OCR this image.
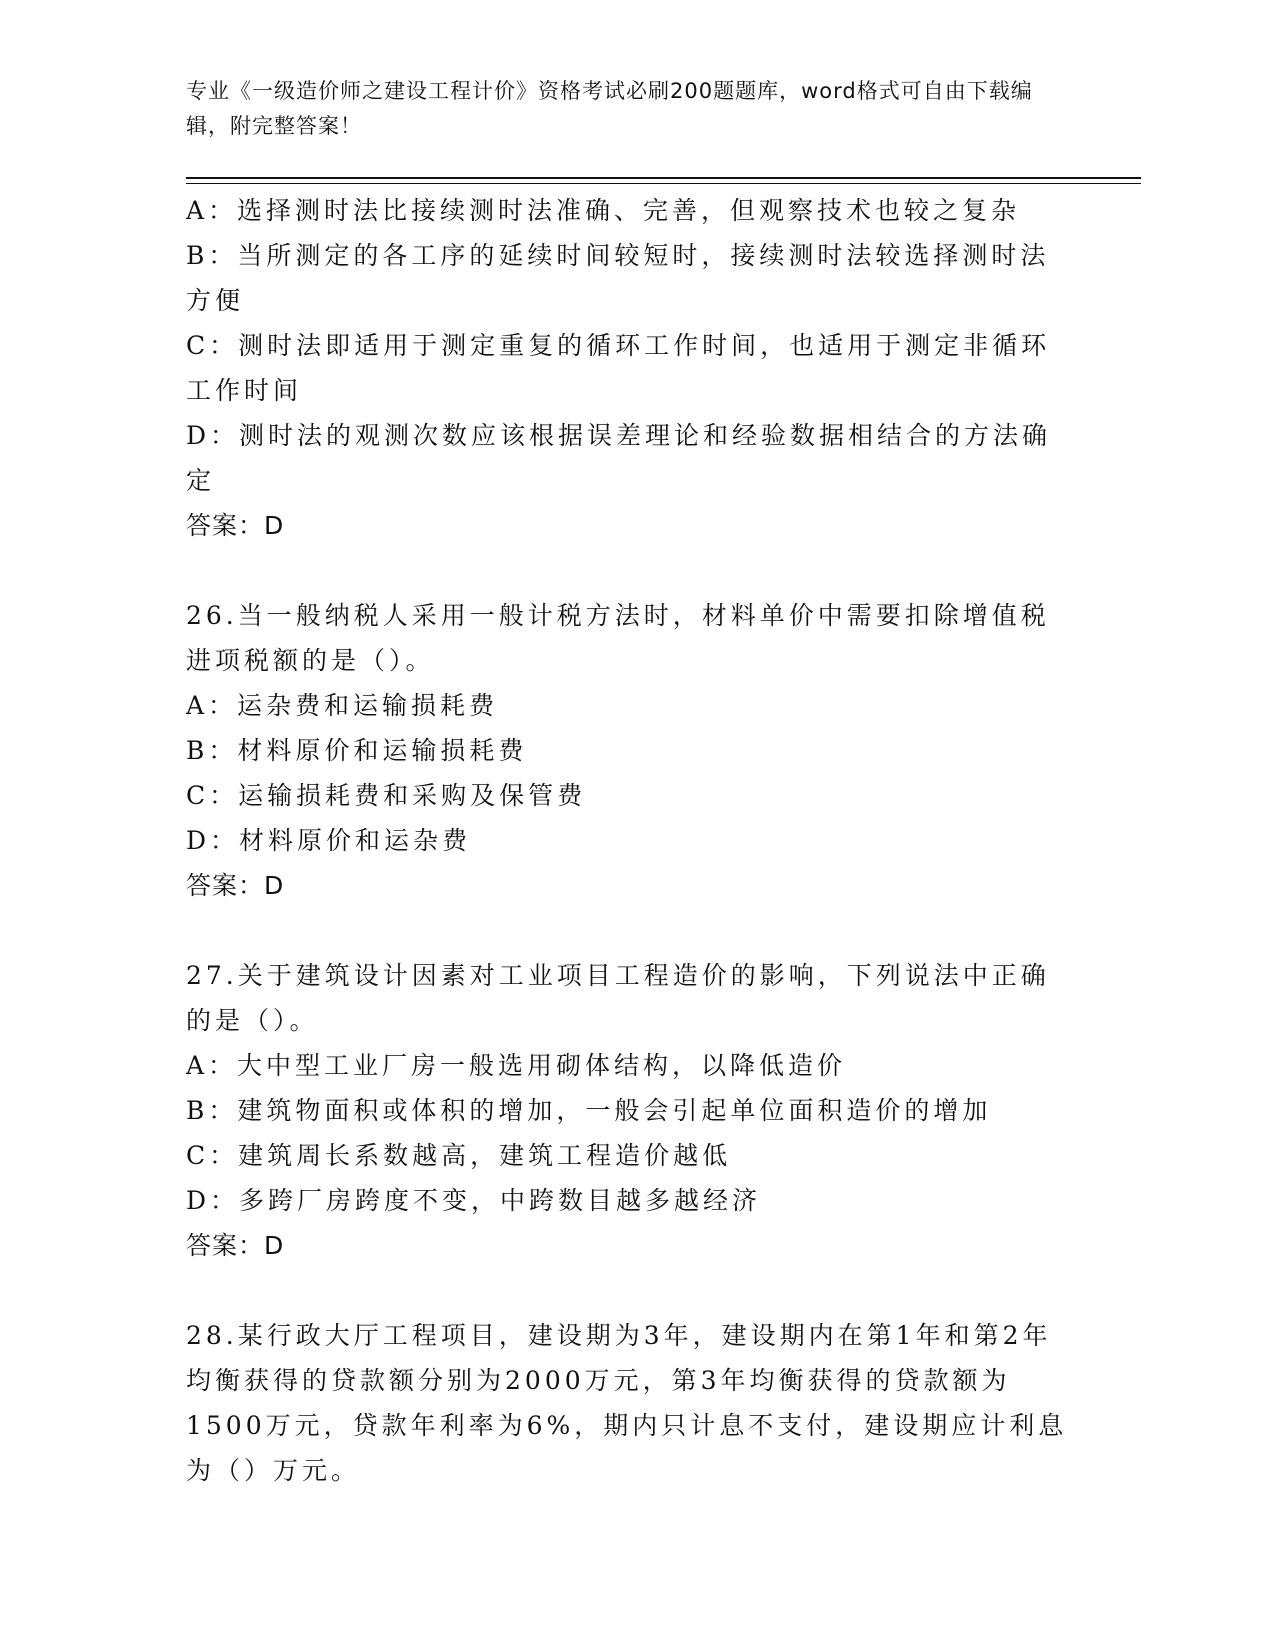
专业《一级造价师之建设工程计价》资格考试必刷200题题库，word格式可自由下载编辑，附完整答案！

A：选择测时法比接续测时法准确、完善，但观察技术也较之复杂

B：当所测定的各工序的延续时间较短时，接续测时法较选择测时法方便

C：测时法即适用于测定重复的循环工作时间，也适用于测定非循环工作时间

D：测时法的观测次数应该根据误差理论和经验数据相结合的方法确定

答案：D

26.当一般纳税人采用一般计税方法时，材料单价中需要扣除增值税进项税额的是（）。

A：运杂费和运输损耗费

B：材料原价和运输损耗费

C：运输损耗费和采购及保管费

D：材料原价和运杂费

答案：D

27.关于建筑设计因素对工业项目工程造价的影响，下列说法中正确的是（）。

A：大中型工业厂房一般选用砌体结构，以降低造价

B：建筑物面积或体积的增加，一般会引起单位面积造价的增加

C：建筑周长系数越高，建筑工程造价越低

D：多跨厂房跨度不变，中跨数目越多越经济

答案：D

28.某行政大厅工程项目，建设期为3年，建设期内在第1年和第2年均衡获得的贷款额分别为2000万元，第3年均衡获得的贷款额为1500万元，贷款年利率为6%，期内只计息不支付，建设期应计利息为（）万元。
